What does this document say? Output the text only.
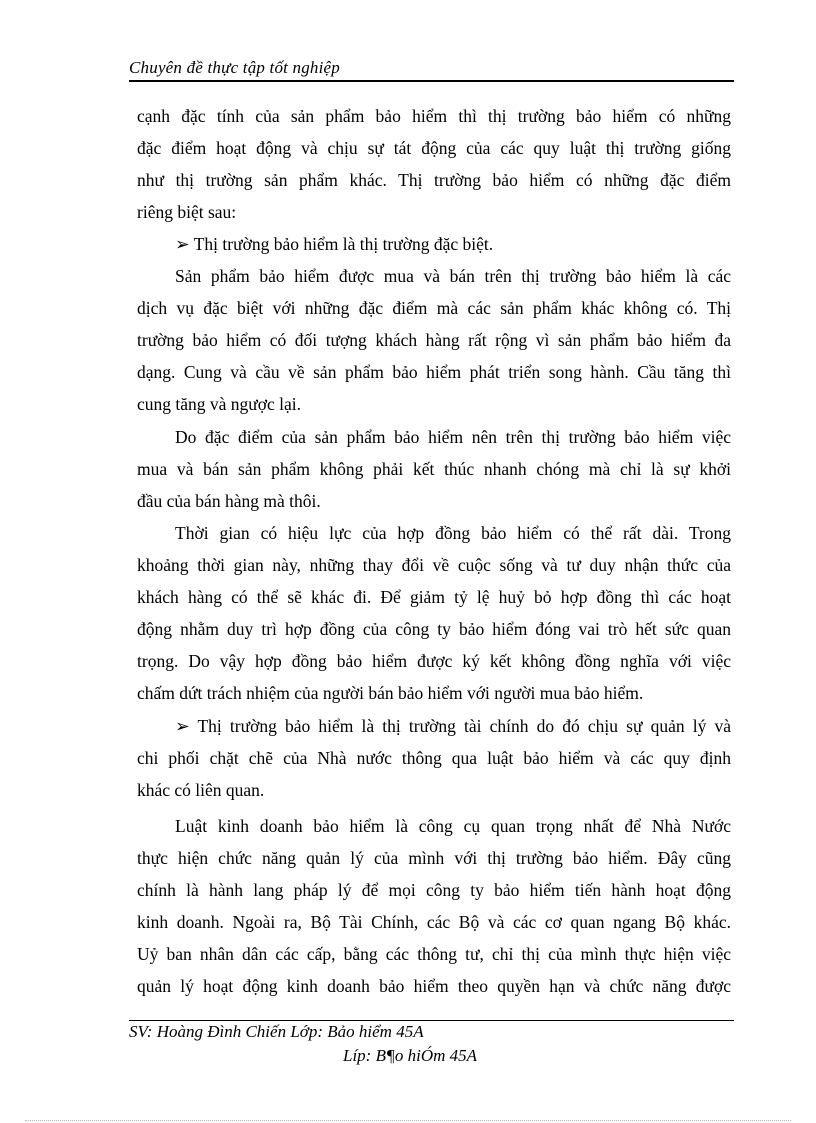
Chuyên đề thực tập tốt nghiệp
cạnh đặc tính của sản phẩm bảo hiểm thì thị trường bảo hiểm có những
đặc điểm hoạt động và chịu sự tát động của các quy luật thị trường giống
như thị trường sản phẩm khác. Thị trường bảo hiểm có những đặc điểm
riêng biệt sau:
➢ Thị trường bảo hiểm là thị trường đặc biệt.
Sản phẩm bảo hiểm được mua và bán trên thị trường bảo hiểm là các
dịch vụ đặc biệt với những đặc điểm mà các sản phẩm khác không có. Thị
trường bảo hiểm có đối tượng khách hàng rất rộng vì sản phẩm bảo hiểm đa
dạng. Cung và cầu về sản phẩm bảo hiểm phát triển song hành. Cầu tăng thì
cung tăng và ngược lại.
Do đặc điểm của sản phẩm bảo hiểm nên trên thị trường bảo hiểm việc
mua và bán sản phẩm không phải kết thúc nhanh chóng mà chỉ là sự khởi
đầu của bán hàng mà thôi.
Thời gian có hiệu lực của hợp đồng bảo hiểm có thể rất dài. Trong
khoảng thời gian này, những thay đổi về cuộc sống và tư duy nhận thức của
khách hàng có thể sẽ khác đi. Để giảm tỷ lệ huỷ bỏ hợp đồng thì các hoạt
động nhằm duy trì hợp đồng của công ty bảo hiểm đóng vai trò hết sức quan
trọng. Do vậy hợp đồng bảo hiểm được ký kết không đồng nghĩa với việc
chấm dứt trách nhiệm của người bán bảo hiểm với người mua bảo hiểm.
➢ Thị trường bảo hiểm là thị trường tài chính do đó chịu sự quản lý và
chi phối chặt chẽ của Nhà nước thông qua luật bảo hiểm và các quy định
khác có liên quan.
Luật kinh doanh bảo hiểm là công cụ quan trọng nhất để Nhà Nước
thực hiện chức năng quản lý của mình với thị trường bảo hiểm. Đây cũng
chính là hành lang pháp lý để mọi công ty bảo hiểm tiến hành hoạt động
kinh doanh. Ngoài ra, Bộ Tài Chính, các Bộ và các cơ quan ngang Bộ khác.
Uỷ ban nhân dân các cấp, bằng các thông tư, chỉ thị của mình thực hiện việc
quản lý hoạt động kinh doanh bảo hiểm theo quyền hạn và chức năng được
SV: Hoàng Đình Chiến Lớp: Bảo hiểm 45A
Líp: B¶o hiÓm 45A
